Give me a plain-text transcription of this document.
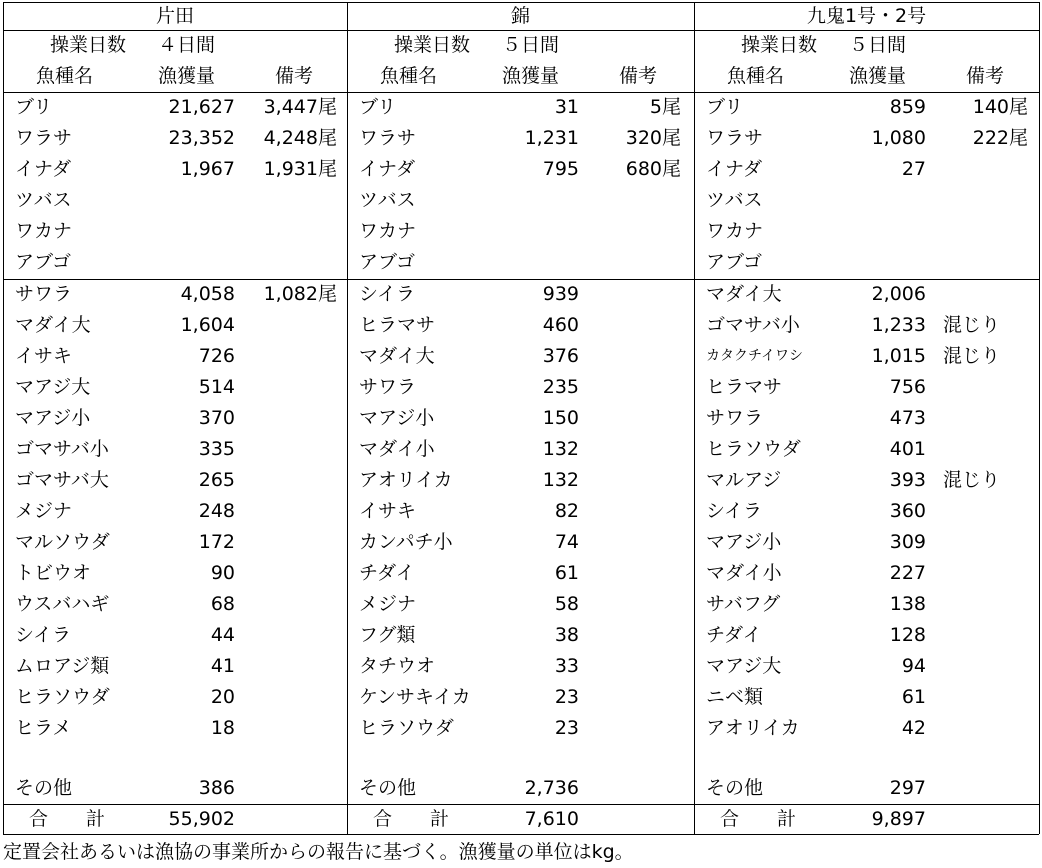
片田
操業日数 ４日間
魚種名	漁獲量	備考
ブリ	21,627	3,447尾
ワラサ	23,352	4,248尾
イナダ	1,967	1,931尾
ツバス
ワカナ
アブゴ
サワラ	4,058	1,082尾
マダイ大	1,604
イサキ	726
マアジ大	514
マアジ小	370
ゴマサバ小	335
ゴマサバ大	265
メジナ	248
マルソウダ	172
トビウオ	90
ウスバハギ	68
シイラ	44
ムロアジ類	41
ヒラソウダ	20
ヒラメ	18
その他	386
合　　計	55,902
錦
操業日数 ５日間
魚種名	漁獲量	備考
ブリ	31	5尾
ワラサ	1,231	320尾
イナダ	795	680尾
ツバス
ワカナ
アブゴ
シイラ	939
ヒラマサ	460
マダイ大	376
サワラ	235
マアジ小	150
マダイ小	132
アオリイカ	132
イサキ	82
カンパチ小	74
チダイ	61
メジナ	58
フグ類	38
タチウオ	33
ケンサキイカ	23
ヒラソウダ	23
その他	2,736
合　　計	7,610
九鬼1号・2号
操業日数 ５日間
魚種名	漁獲量	備考
ブリ	859	140尾
ワラサ	1,080	222尾
イナダ	27
ツバス
ワカナ
アブゴ
マダイ大	2,006
ゴマサバ小	1,233 混じり
カタクチイワシ	1,015 混じり
ヒラマサ	756
サワラ	473
ヒラソウダ	401
マルアジ	393 混じり
シイラ	360
マアジ小	309
マダイ小	227
サバフグ	138
チダイ	128
マアジ大	94
ニベ類	61
アオリイカ	42
その他	297
合　　計	9,897
定置会社あるいは漁協の事業所からの報告に基づく。漁獲量の単位はkg。
